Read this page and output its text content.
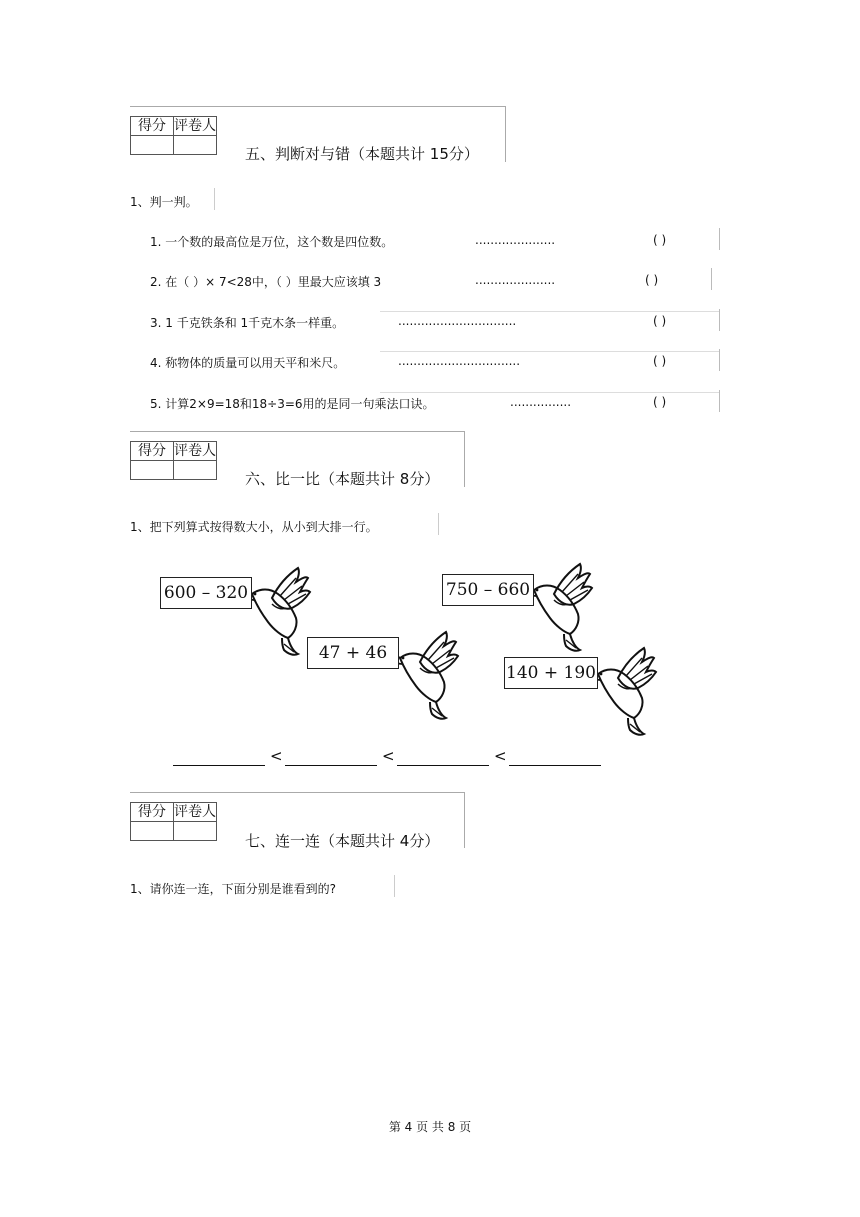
得分 评卷人
五、判断对与错（本题共计 15分）
1、判一判。
1. 一个数的最高位是万位，这个数是四位数。	.....................	( )
2. 在（ ）× 7<28中，（ ）里最大应该填 3	.....................	( )
3. 1 千克铁条和 1千克木条一样重。	...............................	( )
4. 称物体的质量可以用天平和米尺。	................................	( )
5. 计算2×9=18和18÷3=6用的是同一句乘法口诀。	................	( )
得分 评卷人
六、比一比（本题共计 8分）
1、把下列算式按得数大小，从小到大排一行。
600 – 320	750 – 660
47 + 46
140 + 190
<	<	<
得分 评卷人
七、连一连（本题共计 4分）
1、请你连一连，下面分别是谁看到的?
第 4 页 共 8 页
